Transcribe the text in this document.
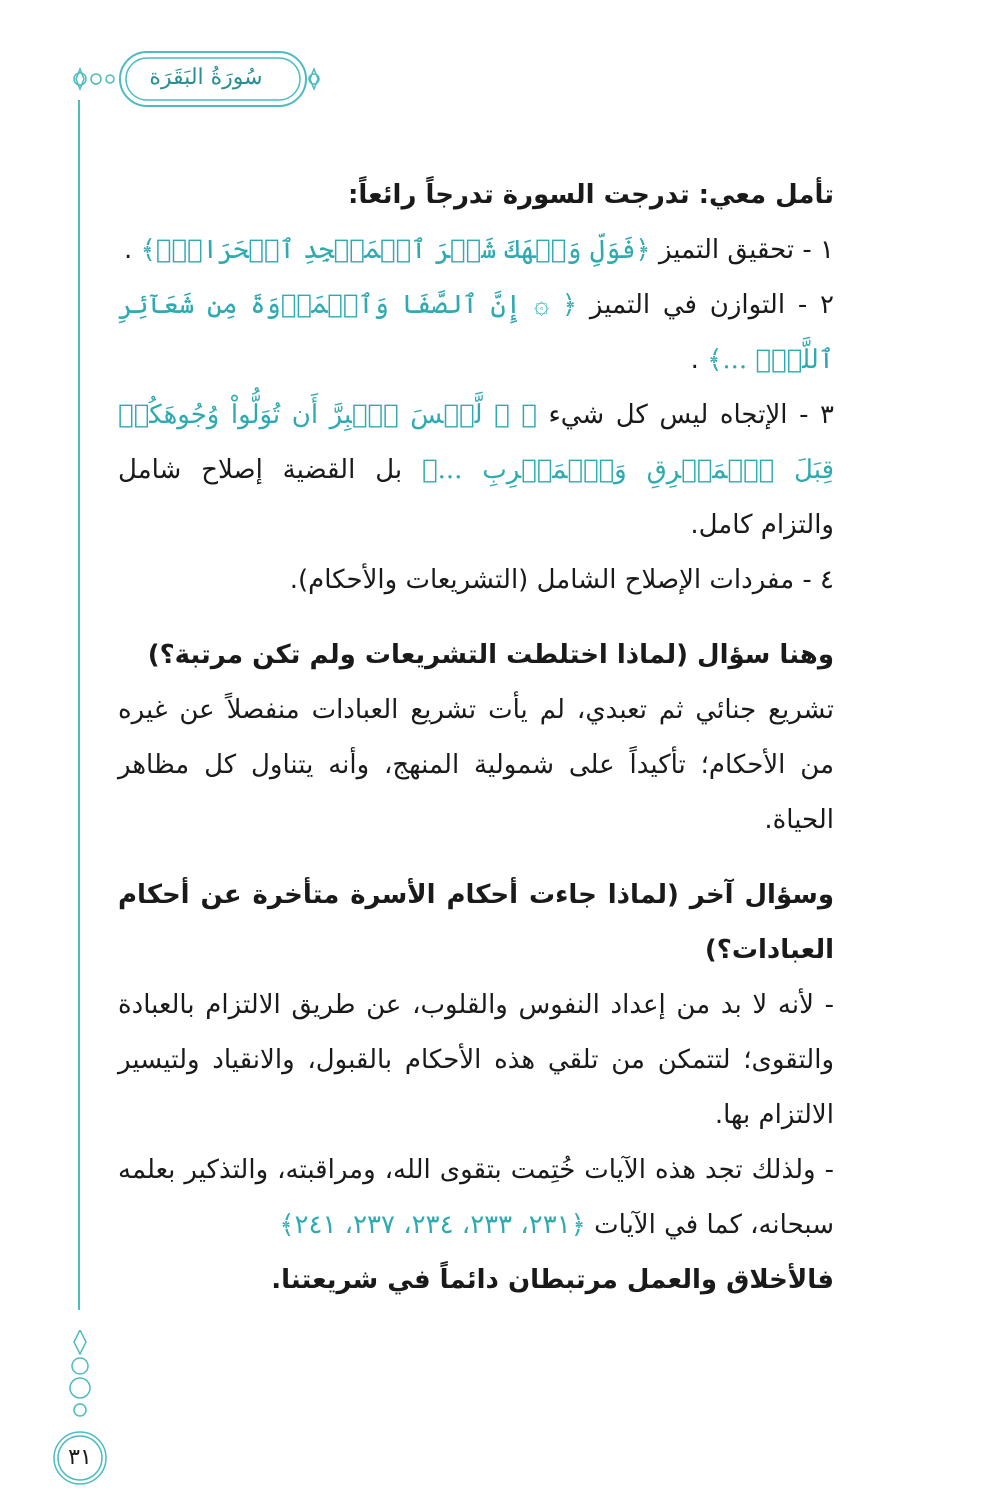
سُورَةُ البَقَرَة
٣١

تأمل معي: تدرجت السورة تدرجاً رائعاً:

١ - تحقيق التميز ﴿فَوَلِّ وَجۡهَكَ شَطۡرَ ٱلۡمَسۡجِدِ ٱلۡحَرَامِۚ﴾ .

٢ - التوازن في التميز ﴿ ۞ إِنَّ ٱلصَّفَا وَٱلۡمَرۡوَةَ مِن شَعَآئِرِ ٱللَّهِۖ ...﴾ .

٣ - الإتجاه ليس كل شيء ﴿ ۞ لَّيۡسَ ٱلۡبِرَّ أَن تُوَلُّواْ وُجُوهَكُمۡ قِبَلَ ٱلۡمَشۡرِقِ وَٱلۡمَغۡرِبِ ...﴾ بل القضية إصلاح شامل والتزام كامل.

٤ - مفردات الإصلاح الشامل (التشريعات والأحكام).

وهنا سؤال (لماذا اختلطت التشريعات ولم تكن مرتبة؟)

تشريع جنائي ثم تعبدي، لم يأت تشريع العبادات منفصلاً عن غيره من الأحكام؛ تأكيداً على شمولية المنهج، وأنه يتناول كل مظاهر الحياة.

وسؤال آخر (لماذا جاءت أحكام الأسرة متأخرة عن أحكام العبادات؟)

- لأنه لا بد من إعداد النفوس والقلوب، عن طريق الالتزام بالعبادة والتقوى؛ لتتمكن من تلقي هذه الأحكام بالقبول، والانقياد ولتيسير الالتزام بها.

- ولذلك تجد هذه الآيات خُتِمت بتقوى الله، ومراقبته، والتذكير بعلمه سبحانه، كما في الآيات ﴿٢٣١، ٢٣٣، ٢٣٤، ٢٣٧، ٢٤١﴾

فالأخلاق والعمل مرتبطان دائماً في شريعتنا.
